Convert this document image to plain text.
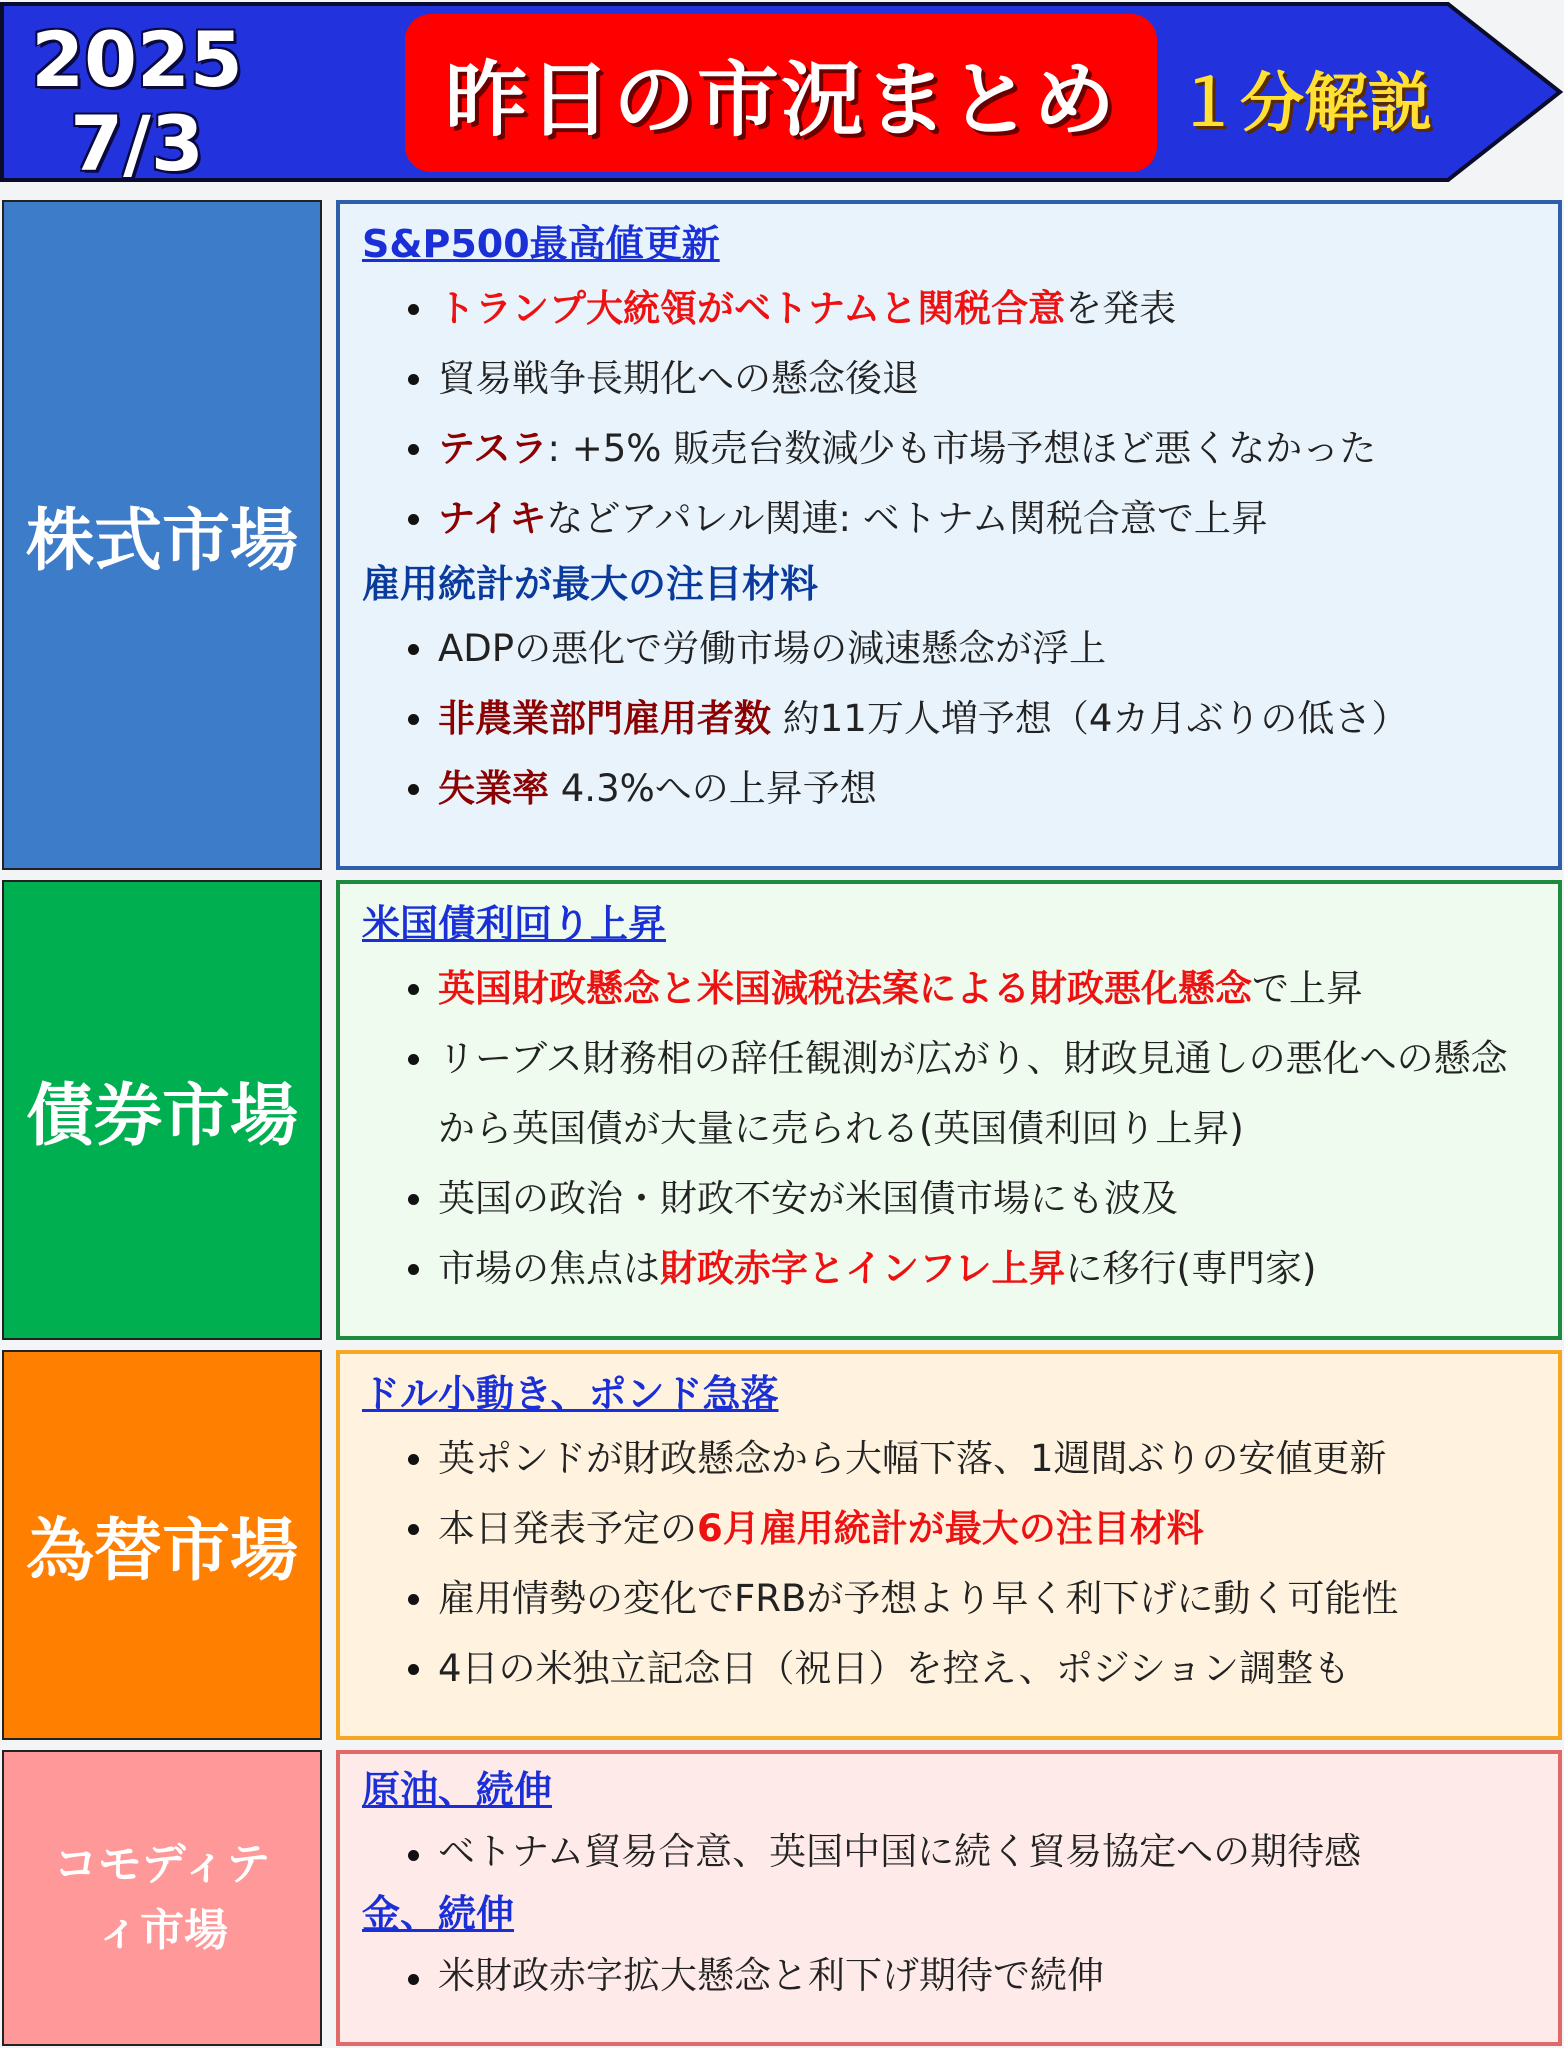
2025
7/3	昨日の市況まとめ １分解説
株式市場
S&P500最高値更新
トランプ大統領がベトナムと関税合意を発表
貿易戦争長期化への懸念後退
テスラ: +5% 販売台数減少も市場予想ほど悪くなかった
ナイキなどアパレル関連: ベトナム関税合意で上昇
雇用統計が最大の注目材料
ADPの悪化で労働市場の減速懸念が浮上
非農業部門雇用者数 約11万人増予想（4カ月ぶりの低さ）
失業率 4.3%への上昇予想
債券市場
米国債利回り上昇
英国財政懸念と米国減税法案による財政悪化懸念で上昇
リーブス財務相の辞任観測が広がり、財政見通しの悪化への懸念から英国債が大量に売られる(英国債利回り上昇)
英国の政治・財政不安が米国債市場にも波及
市場の焦点は財政赤字とインフレ上昇に移行(専門家)
為替市場
ドル小動き、ポンド急落
英ポンドが財政懸念から大幅下落、1週間ぶりの安値更新
本日発表予定の6月雇用統計が最大の注目材料
雇用情勢の変化でFRBが予想より早く利下げに動く可能性
4日の米独立記念日（祝日）を控え、ポジション調整も
コモディテ
ィ市場
原油、続伸
ベトナム貿易合意、英国中国に続く貿易協定への期待感
金、続伸
米財政赤字拡大懸念と利下げ期待で続伸
